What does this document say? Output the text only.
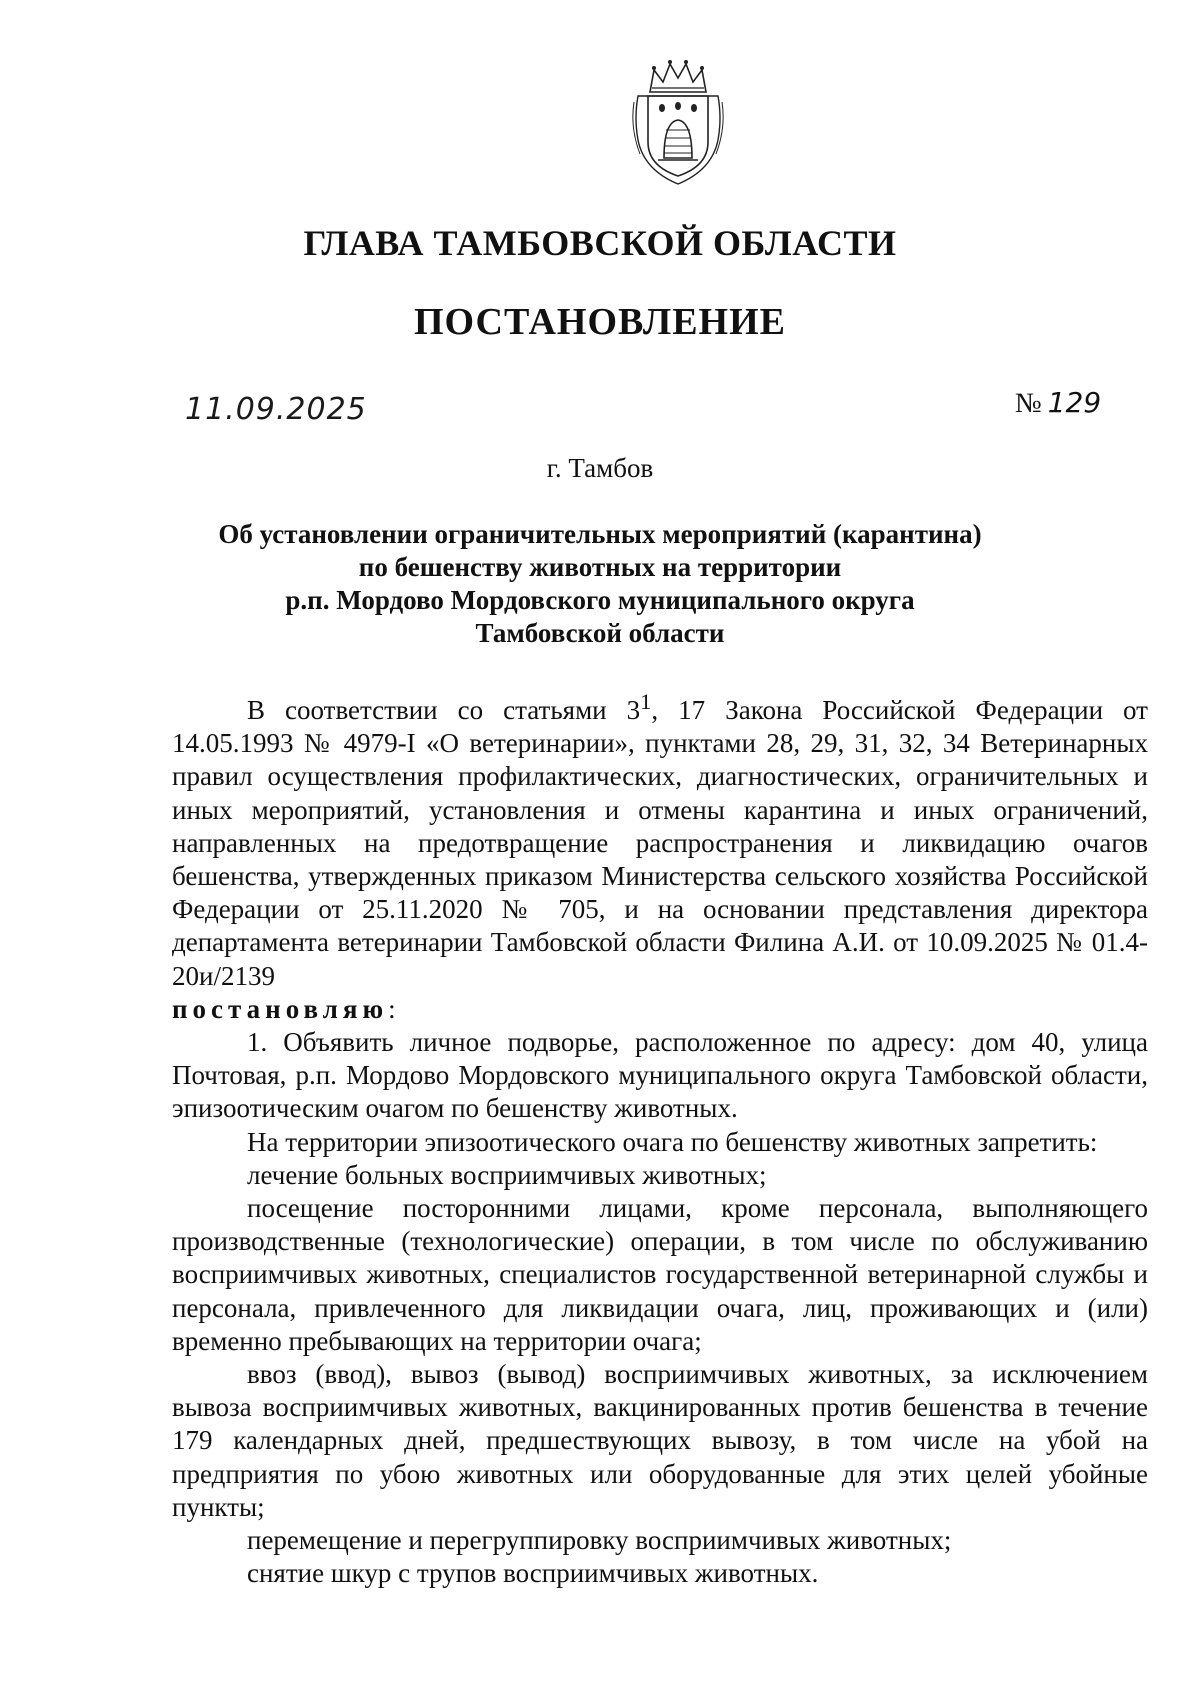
ГЛАВА ТАМБОВСКОЙ ОБЛАСТИ
ПОСТАНОВЛЕНИЕ
11.09.2025	№ 129
г. Тамбов
Об установлении ограничительных мероприятий (карантина)
по бешенству животных на территории
р.п. Мордово Мордовского муниципального округа
Тамбовской области

В соответствии со статьями $3^1$, 17 Закона Российской Федерации от 14.05.1993 № 4979-I «О ветеринарии», пунктами 28, 29, 31, 32, 34 Ветеринарных правил осуществления профилактических, диагностических, ограничительных и иных мероприятий, установления и отмены карантина и иных ограничений, направленных на предотвращение распространения и ликвидацию очагов бешенства, утвержденных приказом Министерства сельского хозяйства Российской Федерации от 25.11.2020 № 705, и на основании представления директора департамента ветеринарии Тамбовской области Филина А.И. от 10.09.2025 № 01.4-20и/2139

постановляю:

1. Объявить личное подворье, расположенное по адресу: дом 40, улица Почтовая, р.п. Мордово Мордовского муниципального округа Тамбовской области, эпизоотическим очагом по бешенству животных.

На территории эпизоотического очага по бешенству животных запретить:

лечение больных восприимчивых животных;

посещение посторонними лицами, кроме персонала, выполняющего производственные (технологические) операции, в том числе по обслуживанию восприимчивых животных, специалистов государственной ветеринарной службы и персонала, привлеченного для ликвидации очага, лиц, проживающих и (или) временно пребывающих на территории очага;

ввоз (ввод), вывоз (вывод) восприимчивых животных, за исключением вывоза восприимчивых животных, вакцинированных против бешенства в течение 179 календарных дней, предшествующих вывозу, в том числе на убой на предприятия по убою животных или оборудованные для этих целей убойные пункты;

перемещение и перегруппировку восприимчивых животных;

снятие шкур с трупов восприимчивых животных.
